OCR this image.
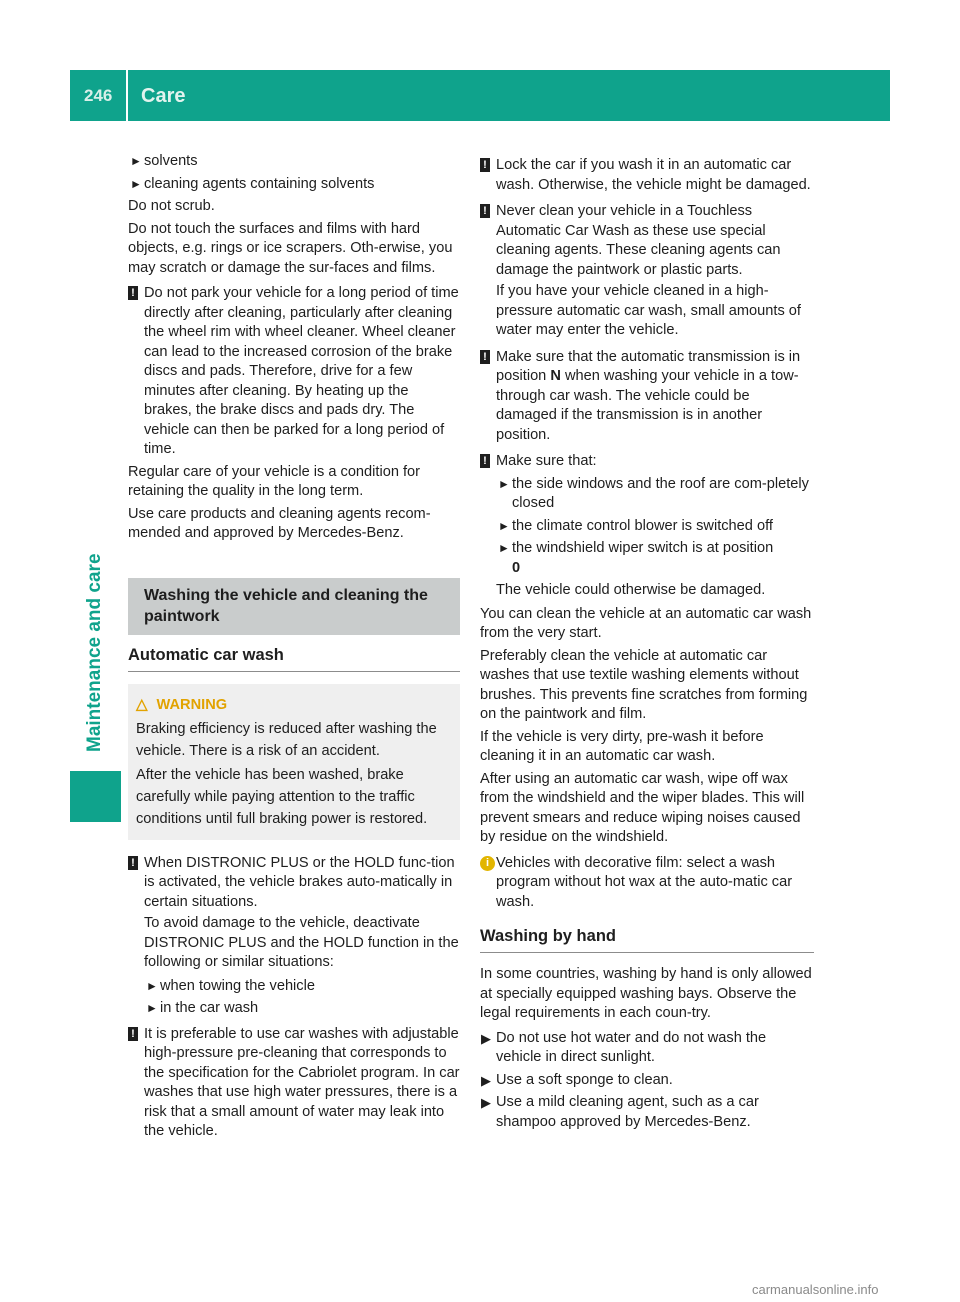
246 Care
Maintenance and care
► solvents
► cleaning agents containing solvents

Do not scrub.

Do not touch the surfaces and films with hard objects, e.g. rings or ice scrapers. Oth-erwise, you may scratch or damage the sur-faces and films.

! Do not park your vehicle for a long period of time directly after cleaning, particularly after cleaning the wheel rim with wheel cleaner. Wheel cleaner can lead to the increased corrosion of the brake discs and pads. Therefore, drive for a few minutes after cleaning. By heating up the brakes, the brake discs and pads dry. The vehicle can then be parked for a long period of time.

Regular care of your vehicle is a condition for retaining the quality in the long term.

Use care products and cleaning agents recom-mended and approved by Mercedes-Benz.

Washing the vehicle and cleaning the paintwork
Automatic car wash
△ WARNING

Braking efficiency is reduced after washing the vehicle. There is a risk of an accident.

After the vehicle has been washed, brake carefully while paying attention to the traffic conditions until full braking power is restored.

! When DISTRONIC PLUS or the HOLD func-tion is activated, the vehicle brakes auto-matically in certain situations.
To avoid damage to the vehicle, deactivate DISTRONIC PLUS and the HOLD function in the following or similar situations:
► when towing the vehicle
► in the car wash
! It is preferable to use car washes with adjustable high-pressure pre-cleaning that corresponds to the specification for the Cabriolet program. In car washes that use high water pressures, there is a risk that a small amount of water may leak into the vehicle.
! Lock the car if you wash it in an automatic car wash. Otherwise, the vehicle might be damaged.
! Never clean your vehicle in a Touchless Automatic Car Wash as these use special cleaning agents. These cleaning agents can damage the paintwork or plastic parts.
If you have your vehicle cleaned in a high-pressure automatic car wash, small amounts of water may enter the vehicle.
! Make sure that the automatic transmission is in position N when washing your vehicle in a tow-through car wash. The vehicle could be damaged if the transmission is in another position.
! Make sure that:
► the side windows and the roof are com-pletely closed
► the climate control blower is switched off
► the windshield wiper switch is at position
0
The vehicle could otherwise be damaged.

You can clean the vehicle at an automatic car wash from the very start.

Preferably clean the vehicle at automatic car washes that use textile washing elements without brushes. This prevents fine scratches from forming on the paintwork and film.

If the vehicle is very dirty, pre-wash it before cleaning it in an automatic car wash.

After using an automatic car wash, wipe off wax from the windshield and the wiper blades. This will prevent smears and reduce wiping noises caused by residue on the windshield.

i Vehicles with decorative film: select a wash program without hot wax at the auto-matic car wash.
Washing by hand

In some countries, washing by hand is only allowed at specially equipped washing bays. Observe the legal requirements in each coun-try.

▶ Do not use hot water and do not wash the vehicle in direct sunlight.
▶ Use a soft sponge to clean.
▶ Use a mild cleaning agent, such as a car shampoo approved by Mercedes-Benz.
carmanualsonline.info
